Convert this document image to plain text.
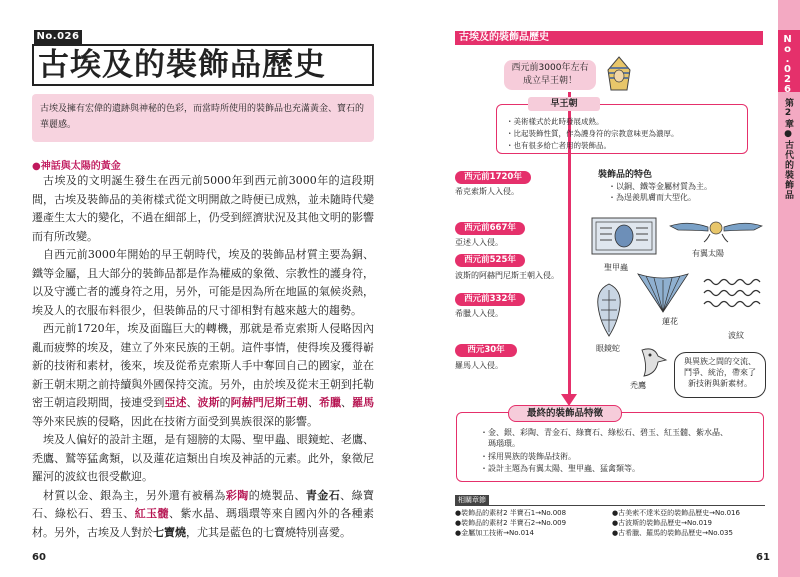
No.026
古埃及的裝飾品歷史
古埃及擁有宏偉的遺跡與神秘的色彩，而當時所使用的裝飾品也充滿黃金、寶石的華麗感。
●神話與太陽的黃金

古埃及的文明誕生發生在西元前5000年到西元前3000年的這段期間，古埃及裝飾品的美術樣式從文明開啟之時便已成熟，並未隨時代變遷產生太大的變化，不過在細部上，仍受到經濟狀況及其他文明的影響而有所改變。

自西元前3000年開始的早王朝時代，埃及的裝飾品材質主要為銅、鐵等金屬，且大部分的裝飾品都是作為權威的象徵、宗教性的護身符，以及守護亡者的護身符之用，另外，可能是因為所在地區的氣候炎熱，埃及人的衣服布料很少，但裝飾品的尺寸卻相對有越來越大的趨勢。

西元前1720年，埃及面臨巨大的轉機，那就是希克索斯人侵略因內亂而疲弊的埃及，建立了外來民族的王朝。這件事情，使得埃及獲得嶄新的技術和素材，後來，埃及從希克索斯人手中奪回自己的國家，並在新王朝末期之前持續與外國保持交流。另外，由於埃及從末王朝到托勒密王朝這段期間，接連受到亞述、波斯的阿赫門尼斯王朝、希臘、羅馬等外來民族的侵略，因此在技術方面受到異族很深的影響。

埃及人偏好的設計主題，是有翅膀的太陽、聖甲蟲、眼鏡蛇、老鷹、禿鷹、鷲等猛禽類，以及蓮花這類出自埃及神話的元素。此外，象徵尼羅河的波紋也很受歡迎。

材質以金、銀為主，另外還有被稱為彩陶的燒製品、青金石、綠寶石、綠松石、碧玉、紅玉髓、紫水晶、瑪瑙環等來自國內外的各種素材。另外，古埃及人對於七寶燒，尤其是藍色的七寶燒特別喜愛。

60
古埃及的裝飾品歷史
西元前3000年左右
成立早王朝！
早王朝
・美術樣式於此時發展成熟。
・比起裝飾性質，作為護身符的宗教意味更為濃厚。
・也有很多給亡者用的裝飾品。
西元前1720年
希克索斯人入侵。
西元前667年
亞述人入侵。
西元前525年
波斯的阿赫門尼斯王朝入侵。
西元前332年
希臘人入侵。
西元30年
羅馬人入侵。
裝飾品的特色
・以銅、鐵等金屬材質為主。
・為逞羨肌膚而大型化。
聖甲蟲
有翼太陽
蓮花
波紋
眼鏡蛇
禿鷹
與異族之間的交流、
鬥爭、統治，帶來了
新技術與新素材。
最終的裝飾品特徵
・金、銀、彩陶、青金石、綠寶石、綠松石、碧玉、紅玉髓、紫水晶、
　瑪瑙環。
・採用異族的裝飾品技術。
・設計主題為有翼太陽、聖甲蟲、猛禽類等。
相關章節
●裝飾品的素材2 半寶石1→No.008	●古美索不達米亞的裝飾品歷史→No.016
●裝飾品的素材2 半寶石2→No.009	●古波斯的裝飾品歷史→No.019
●金屬加工技術→No.014	●古希臘、羅馬的裝飾品歷史→No.035
61
No.026
第2章●古代的裝飾品
